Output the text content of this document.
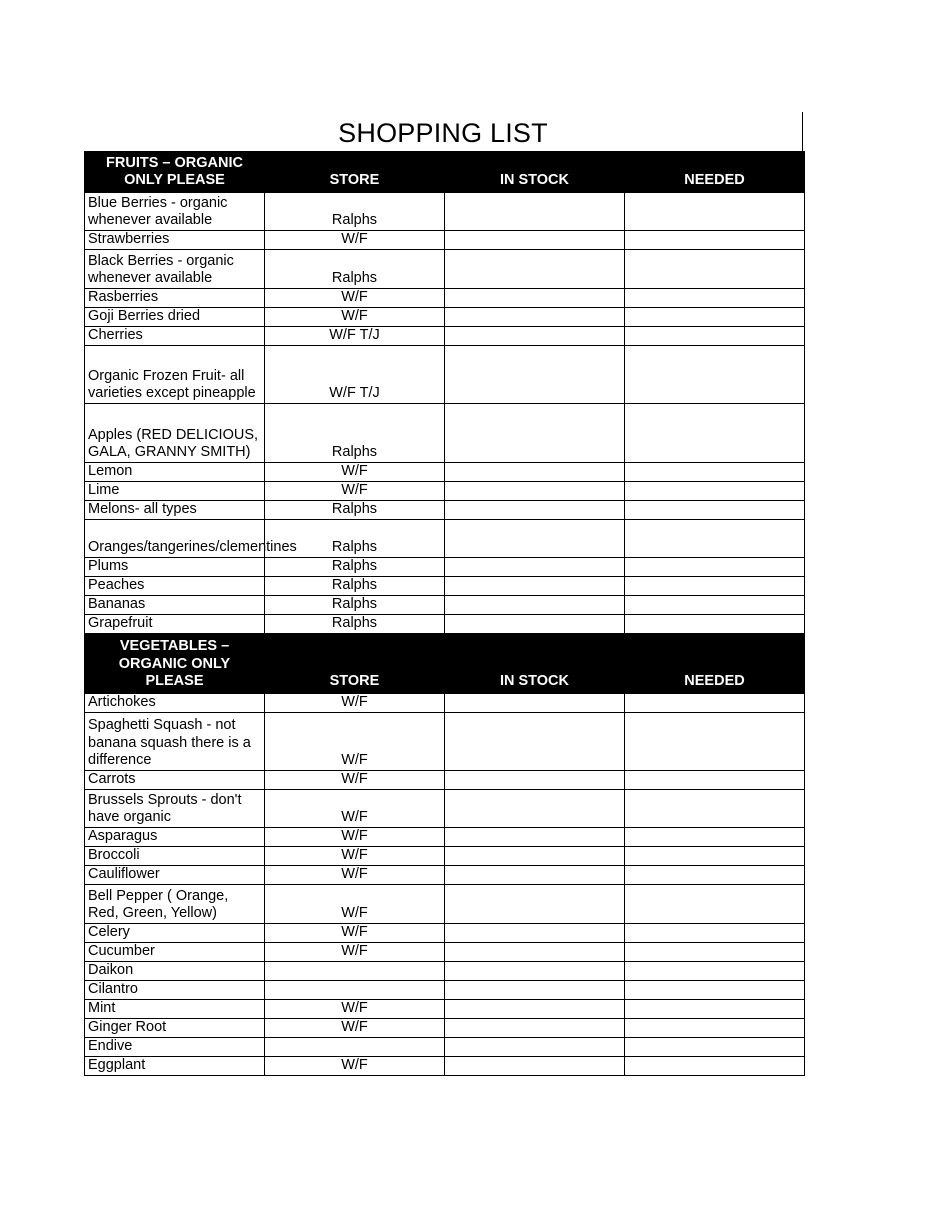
SHOPPING LIST
FRUITS – ORGANIC ONLY PLEASE	STORE	IN STOCK	NEEDED
Blue Berries - organic whenever available	Ralphs		
Strawberries	W/F		
Black Berries - organic whenever available	Ralphs		
Rasberries	W/F		
Goji Berries dried	W/F		
Cherries	W/F T/J		
Organic Frozen Fruit- all varieties except pineapple	W/F T/J		
Apples (RED DELICIOUS, GALA, GRANNY SMITH)	Ralphs		
Lemon	W/F		
Lime	W/F		
Melons- all types	Ralphs		
Oranges/tangerines/clementines	Ralphs		
Plums	Ralphs		
Peaches	Ralphs		
Bananas	Ralphs		
Grapefruit	Ralphs		
VEGETABLES – ORGANIC ONLY PLEASE	STORE	IN STOCK	NEEDED
Artichokes	W/F		
Spaghetti Squash - not banana squash there is a difference	W/F		
Carrots	W/F		
Brussels Sprouts - don't have organic	W/F		
Asparagus	W/F		
Broccoli	W/F		
Cauliflower	W/F		
Bell Pepper ( Orange, Red, Green, Yellow)	W/F		
Celery	W/F		
Cucumber	W/F		
Daikon			
Cilantro			
Mint	W/F		
Ginger Root	W/F		
Endive			
Eggplant	W/F		
